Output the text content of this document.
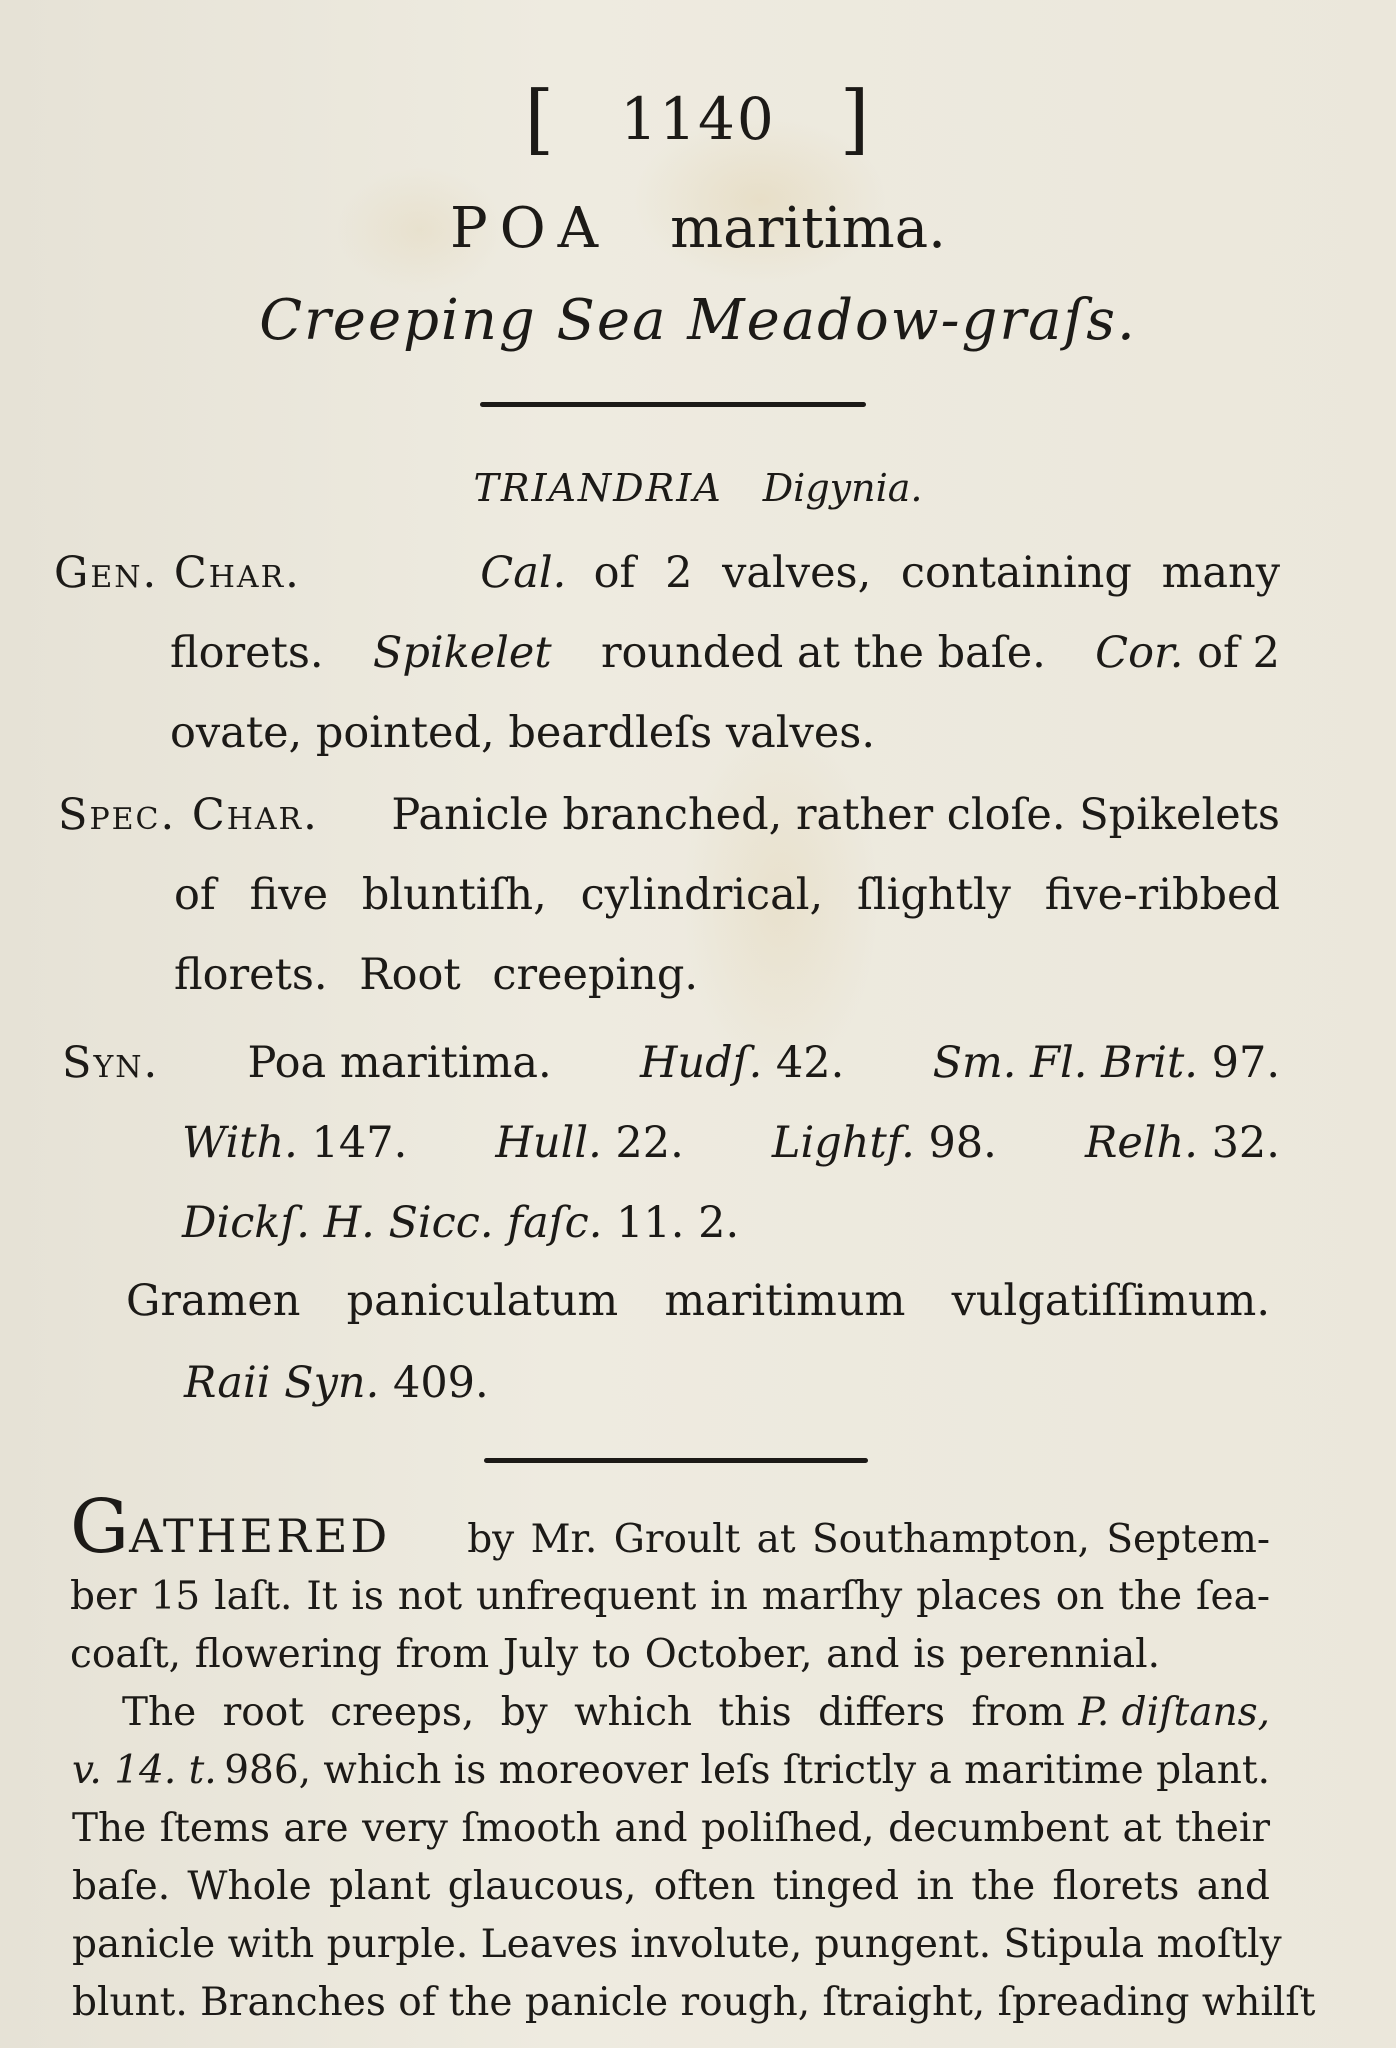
[ 1140 ]
POA maritima.
Creeping Sea Meadow-graſs.
TRIANDRIA Digynia.
Gen. Char.	Cal. of 2 valves, containing many
florets. Spikelet rounded at the baſe. Cor. of 2
ovate, pointed, beardleſs valves.
Spec. Char. Panicle branched, rather cloſe. Spikelets
of five bluntiſh, cylindrical, ſlightly five-ribbed
florets. Root creeping.
Syn. Poa maritima. Hudſ. 42. Sm. Fl. Brit. 97.
With. 147. Hull. 22. Lightf. 98. Relh. 32.
Dickſ. H. Sicc. faſc. 11. 2.
Gramen paniculatum maritimum vulgatiſſimum.
Raii Syn. 409.
GATHERED by Mr. Groult at Southampton, Septem-
ber 15 laſt. It is not unfrequent in marſhy places on the ſea-
coaſt, flowering from July to October, and is perennial.
The root creeps, by which this differs from P. diſtans,
v. 14. t. 986, which is moreover leſs ſtrictly a maritime plant.
The ſtems are very ſmooth and poliſhed, decumbent at their
baſe. Whole plant glaucous, often tinged in the florets and
panicle with purple. Leaves involute, pungent. Stipula moſtly
blunt. Branches of the panicle rough, ſtraight, ſpreading whilſt
